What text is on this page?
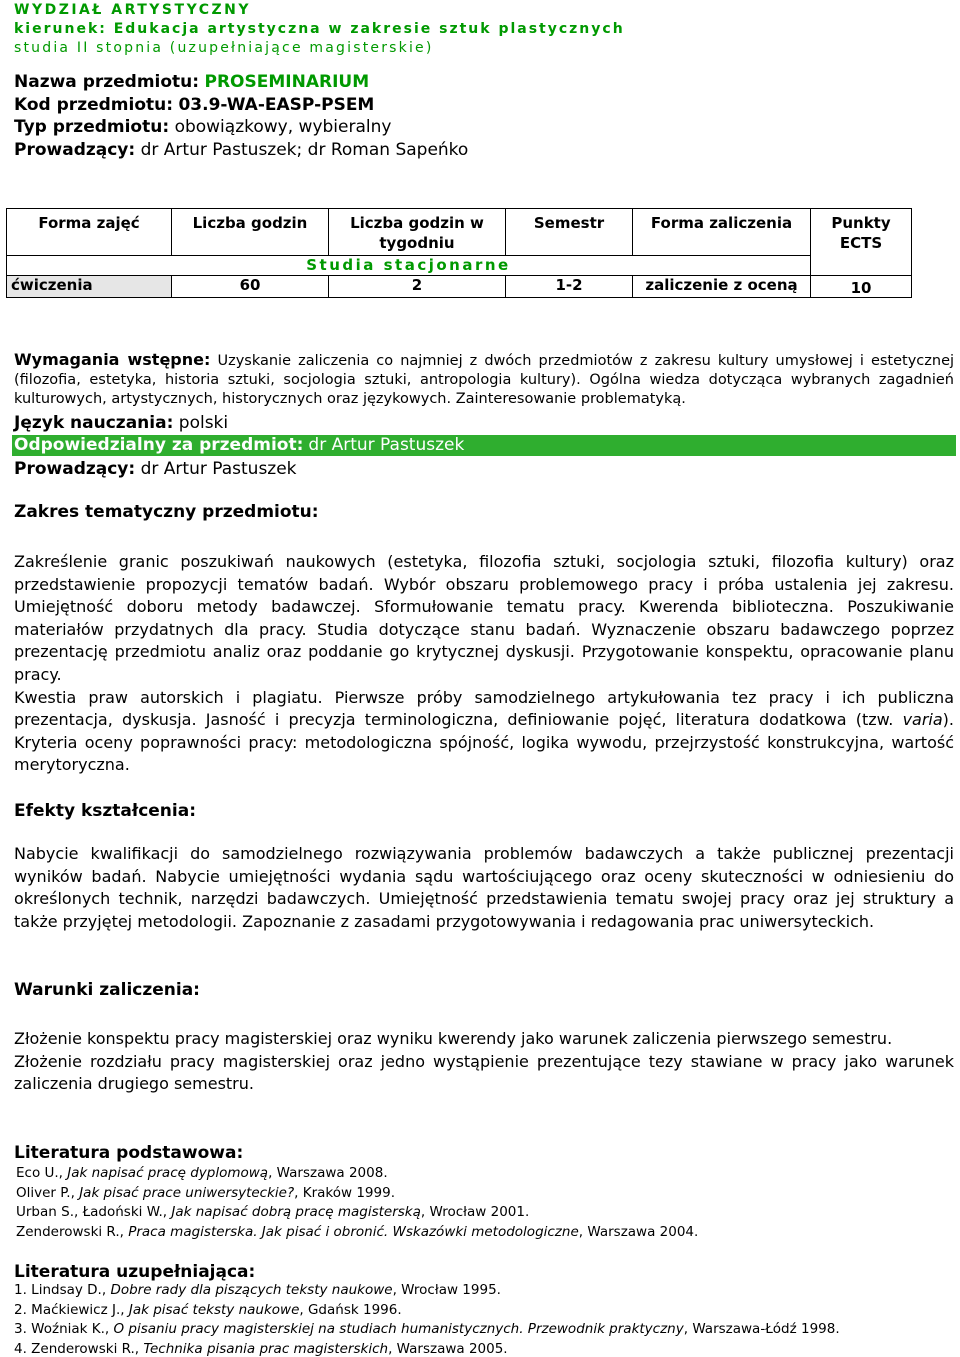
WYDZIAŁ ARTYSTYCZNY
kierunek: Edukacja artystyczna w zakresie sztuk plastycznych
studia II stopnia (uzupełniające magisterskie)
Nazwa przedmiotu: PROSEMINARIUM
Kod przedmiotu: 03.9-WA-EASP-PSEM
Typ przedmiotu: obowiązkowy, wybieralny
Prowadzący: dr Artur Pastuszek; dr Roman Sapeńko
Forma zajęć	Liczba godzin	Liczba godzin w tygodniu	Semestr	Forma zaliczenia	Punkty ECTS
Studia stacjonarne					
ćwiczenia	60	2	1-2	zaliczenie z oceną	10
Wymagania wstępne: Uzyskanie zaliczenia co najmniej z dwóch przedmiotów z zakresu kultury umysłowej i estetycznej (filozofia, estetyka, historia sztuki, socjologia sztuki, antropologia kultury). Ogólna wiedza dotycząca wybranych zagadnień kulturowych, artystycznych, historycznych oraz językowych. Zainteresowanie problematyką.
Język nauczania: polski
Odpowiedzialny za przedmiot: dr Artur Pastuszek
Prowadzący: dr Artur Pastuszek
Zakres tematyczny przedmiotu:
Zakreślenie granic poszukiwań naukowych (estetyka, filozofia sztuki, socjologia sztuki, filozofia kultury) oraz przedstawienie propozycji tematów badań. Wybór obszaru problemowego pracy i próba ustalenia jej zakresu. Umiejętność doboru metody badawczej. Sformułowanie tematu pracy. Kwerenda biblioteczna. Poszukiwanie materiałów przydatnych dla pracy. Studia dotyczące stanu badań. Wyznaczenie obszaru badawczego poprzez prezentację przedmiotu analiz oraz poddanie go krytycznej dyskusji. Przygotowanie konspektu, opracowanie planu pracy.
Kwestia praw autorskich i plagiatu. Pierwsze próby samodzielnego artykułowania tez pracy i ich publiczna prezentacja, dyskusja. Jasność i precyzja terminologiczna, definiowanie pojęć, literatura dodatkowa (tzw. varia). Kryteria oceny poprawności pracy: metodologiczna spójność, logika wywodu, przejrzystość konstrukcyjna, wartość merytoryczna.
Efekty kształcenia:
Nabycie kwalifikacji do samodzielnego rozwiązywania problemów badawczych a także publicznej prezentacji wyników badań. Nabycie umiejętności wydania sądu wartościującego oraz oceny skuteczności w odniesieniu do określonych technik, narzędzi badawczych. Umiejętność przedstawienia tematu swojej pracy oraz jej struktury a także przyjętej metodologii. Zapoznanie z zasadami przygotowywania i redagowania prac uniwersyteckich.
Warunki zaliczenia:
Złożenie konspektu pracy magisterskiej oraz wyniku kwerendy jako warunek zaliczenia pierwszego semestru.
Złożenie rozdziału pracy magisterskiej oraz jedno wystąpienie prezentujące tezy stawiane w pracy jako warunek zaliczenia drugiego semestru.
Literatura podstawowa:
Eco U., Jak napisać pracę dyplomową, Warszawa 2008.
Oliver P., Jak pisać prace uniwersyteckie?, Kraków 1999.
Urban S., Ładoński W., Jak napisać dobrą pracę magisterską, Wrocław 2001.
Zenderowski R., Praca magisterska. Jak pisać i obronić. Wskazówki metodologiczne, Warszawa 2004.
Literatura uzupełniająca:
1. Lindsay D., Dobre rady dla piszących teksty naukowe, Wrocław 1995.
2. Maćkiewicz J., Jak pisać teksty naukowe, Gdańsk 1996.
3. Woźniak K., O pisaniu pracy magisterskiej na studiach humanistycznych. Przewodnik praktyczny, Warszawa-Łódź 1998.
4. Zenderowski R., Technika pisania prac magisterskich, Warszawa 2005.
